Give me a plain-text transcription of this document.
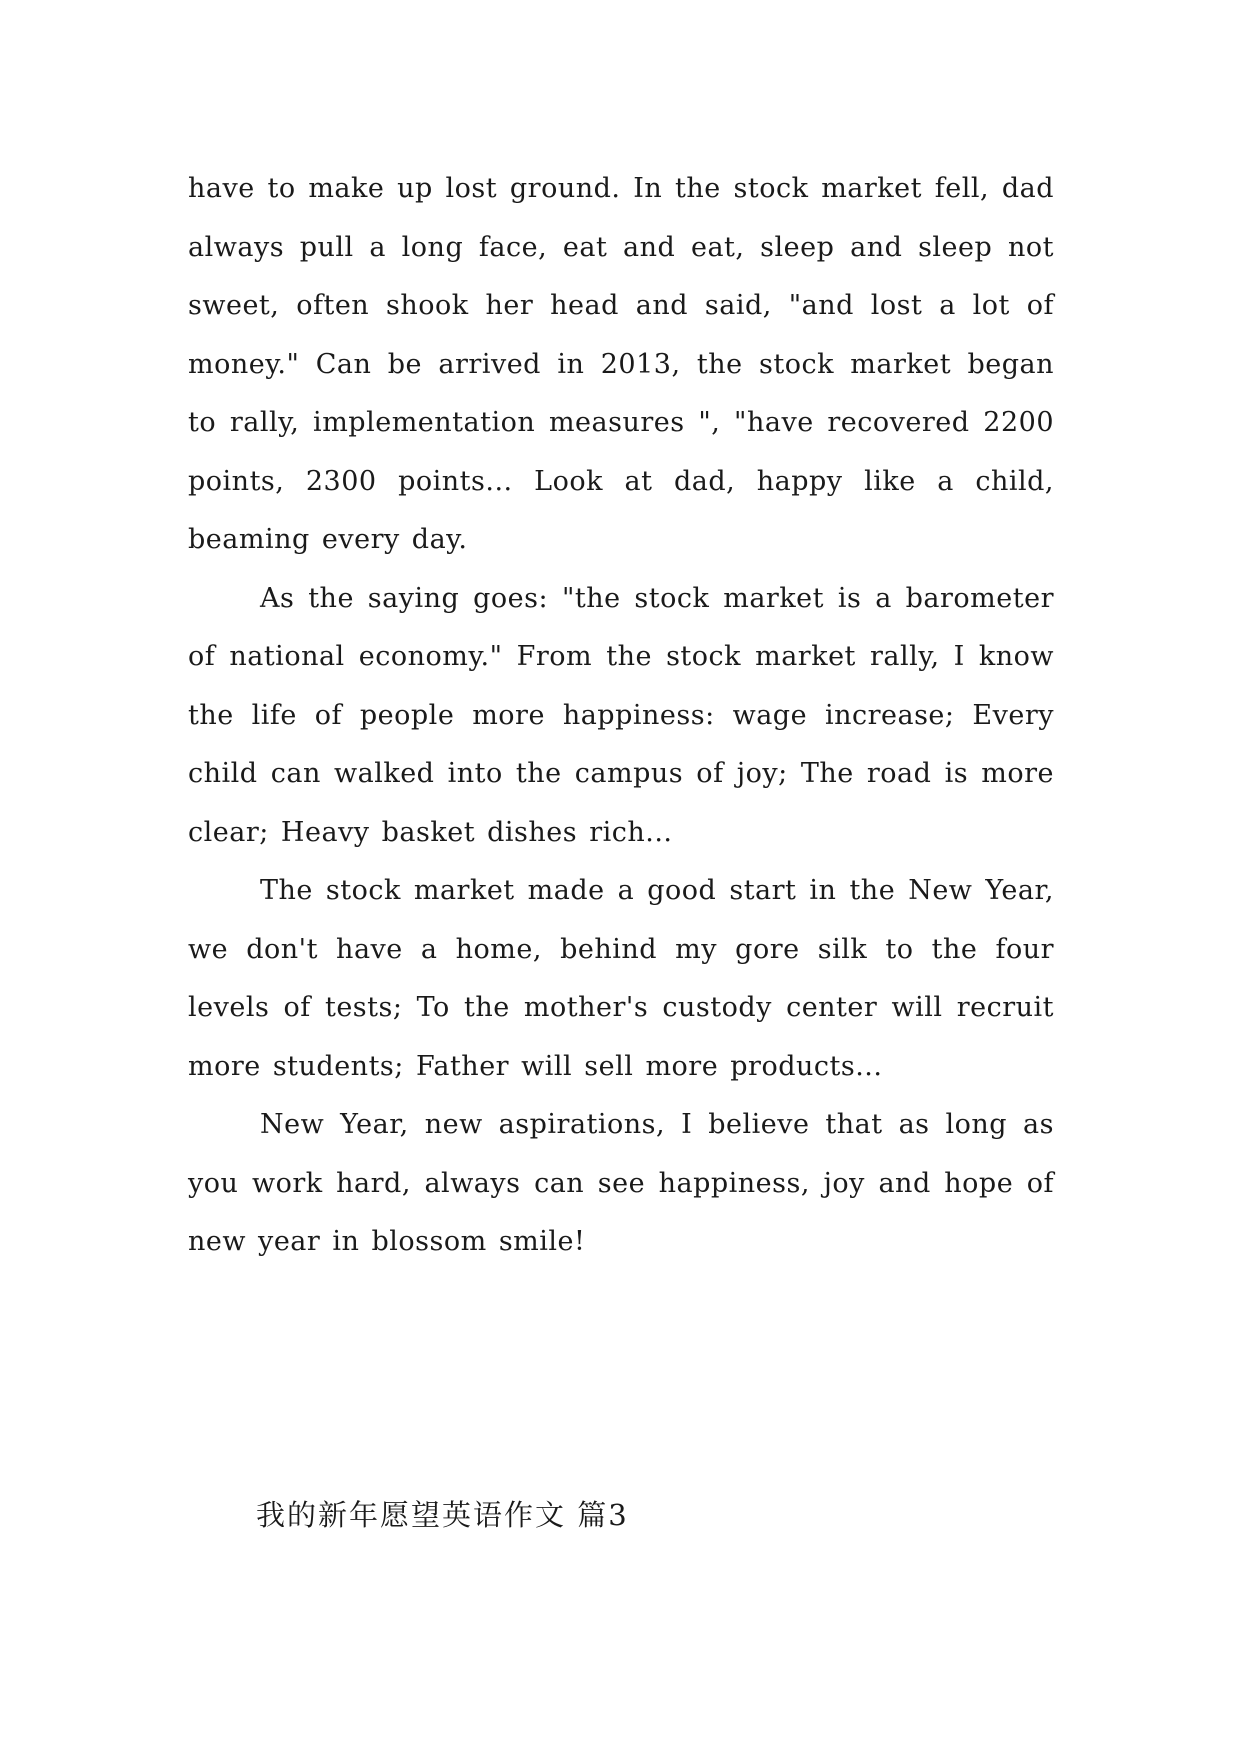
have to make up lost ground. In the stock market fell, dad always pull a long face, eat and eat, sleep and sleep not sweet, often shook her head and said, "and lost a lot of money." Can be arrived in 2013, the stock market began to rally, implementation measures ", "have recovered 2200 points, 2300 points... Look at dad, happy like a child, beaming every day.

As the saying goes: "the stock market is a barometer of national economy." From the stock market rally, I know the life of people more happiness: wage increase; Every child can walked into the campus of joy; The road is more clear; Heavy basket dishes rich...

The stock market made a good start in the New Year, we don't have a home, behind my gore silk to the four levels of tests; To the mother's custody center will recruit more students; Father will sell more products...

New Year, new aspirations, I believe that as long as you work hard, always can see happiness, joy and hope of new year in blossom smile!

我的新年愿望英语作文 篇3
